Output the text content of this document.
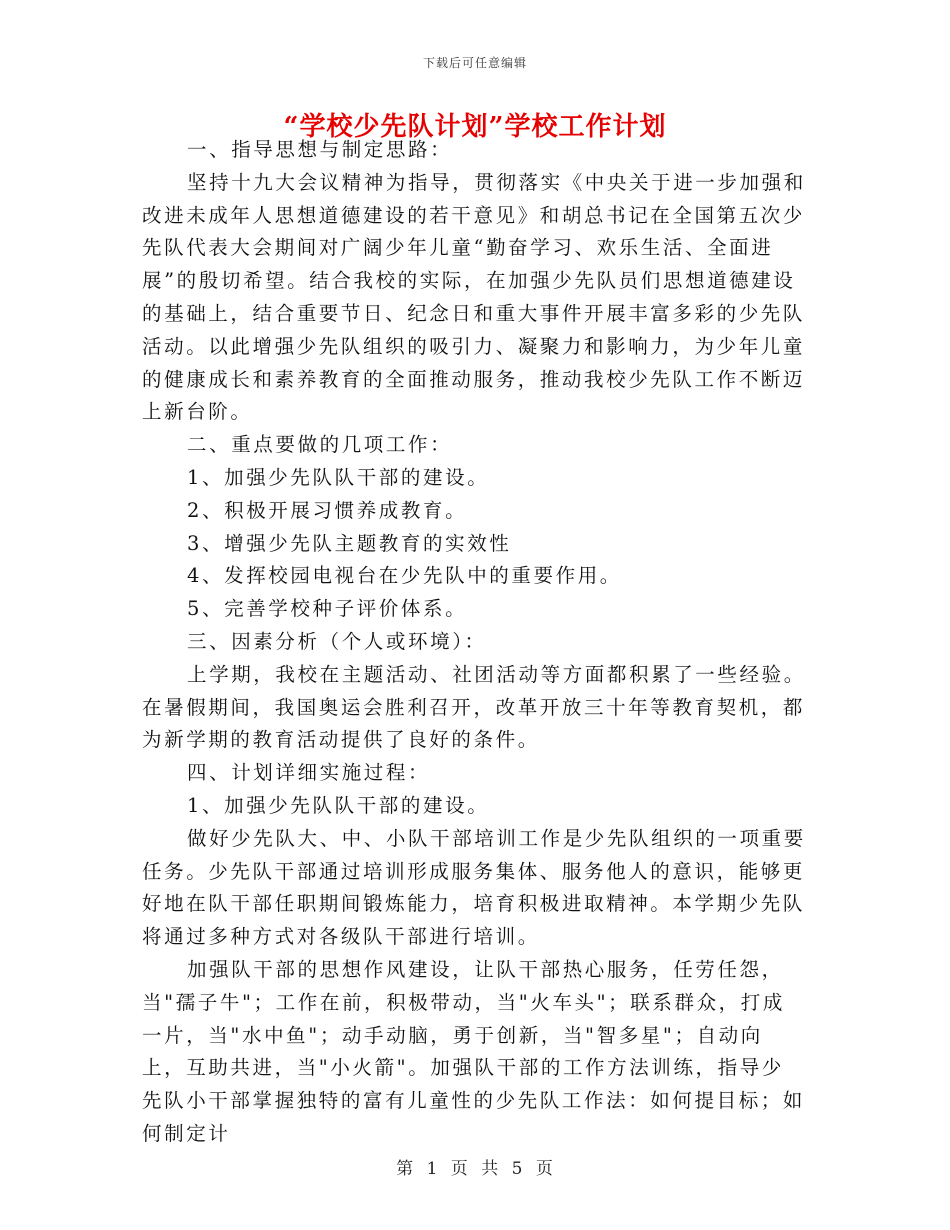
下载后可任意编辑
“学校少先队计划”学校工作计划

一、指导思想与制定思路：

坚持十九大会议精神为指导，贯彻落实《中央关于进一步加强和改进未成年人思想道德建设的若干意见》和胡总书记在全国第五次少先队代表大会期间对广阔少年儿童“勤奋学习、欢乐生活、全面进展”的殷切希望。结合我校的实际，在加强少先队员们思想道德建设的基础上，结合重要节日、纪念日和重大事件开展丰富多彩的少先队活动。以此增强少先队组织的吸引力、凝聚力和影响力，为少年儿童的健康成长和素养教育的全面推动服务，推动我校少先队工作不断迈上新台阶。

二、重点要做的几项工作：

1、加强少先队队干部的建设。

2、积极开展习惯养成教育。

3、增强少先队主题教育的实效性

4、发挥校园电视台在少先队中的重要作用。

5、完善学校种子评价体系。

三、因素分析（个人或环境）：

上学期，我校在主题活动、社团活动等方面都积累了一些经验。在暑假期间，我国奥运会胜利召开，改革开放三十年等教育契机，都为新学期的教育活动提供了良好的条件。

四、计划详细实施过程：

1、加强少先队队干部的建设。

做好少先队大、中、小队干部培训工作是少先队组织的一项重要任务。少先队干部通过培训形成服务集体、服务他人的意识，能够更好地在队干部任职期间锻炼能力，培育积极进取精神。本学期少先队将通过多种方式对各级队干部进行培训。

加强队干部的思想作风建设，让队干部热心服务，任劳任怨，当"孺子牛"；工作在前，积极带动，当"火车头"；联系群众，打成一片，当"水中鱼"；动手动脑，勇于创新，当"智多星"；自动向上，互助共进，当"小火箭"。加强队干部的工作方法训练，指导少先队小干部掌握独特的富有儿童性的少先队工作法：如何提目标；如何制定计

第 1 页 共 5 页
